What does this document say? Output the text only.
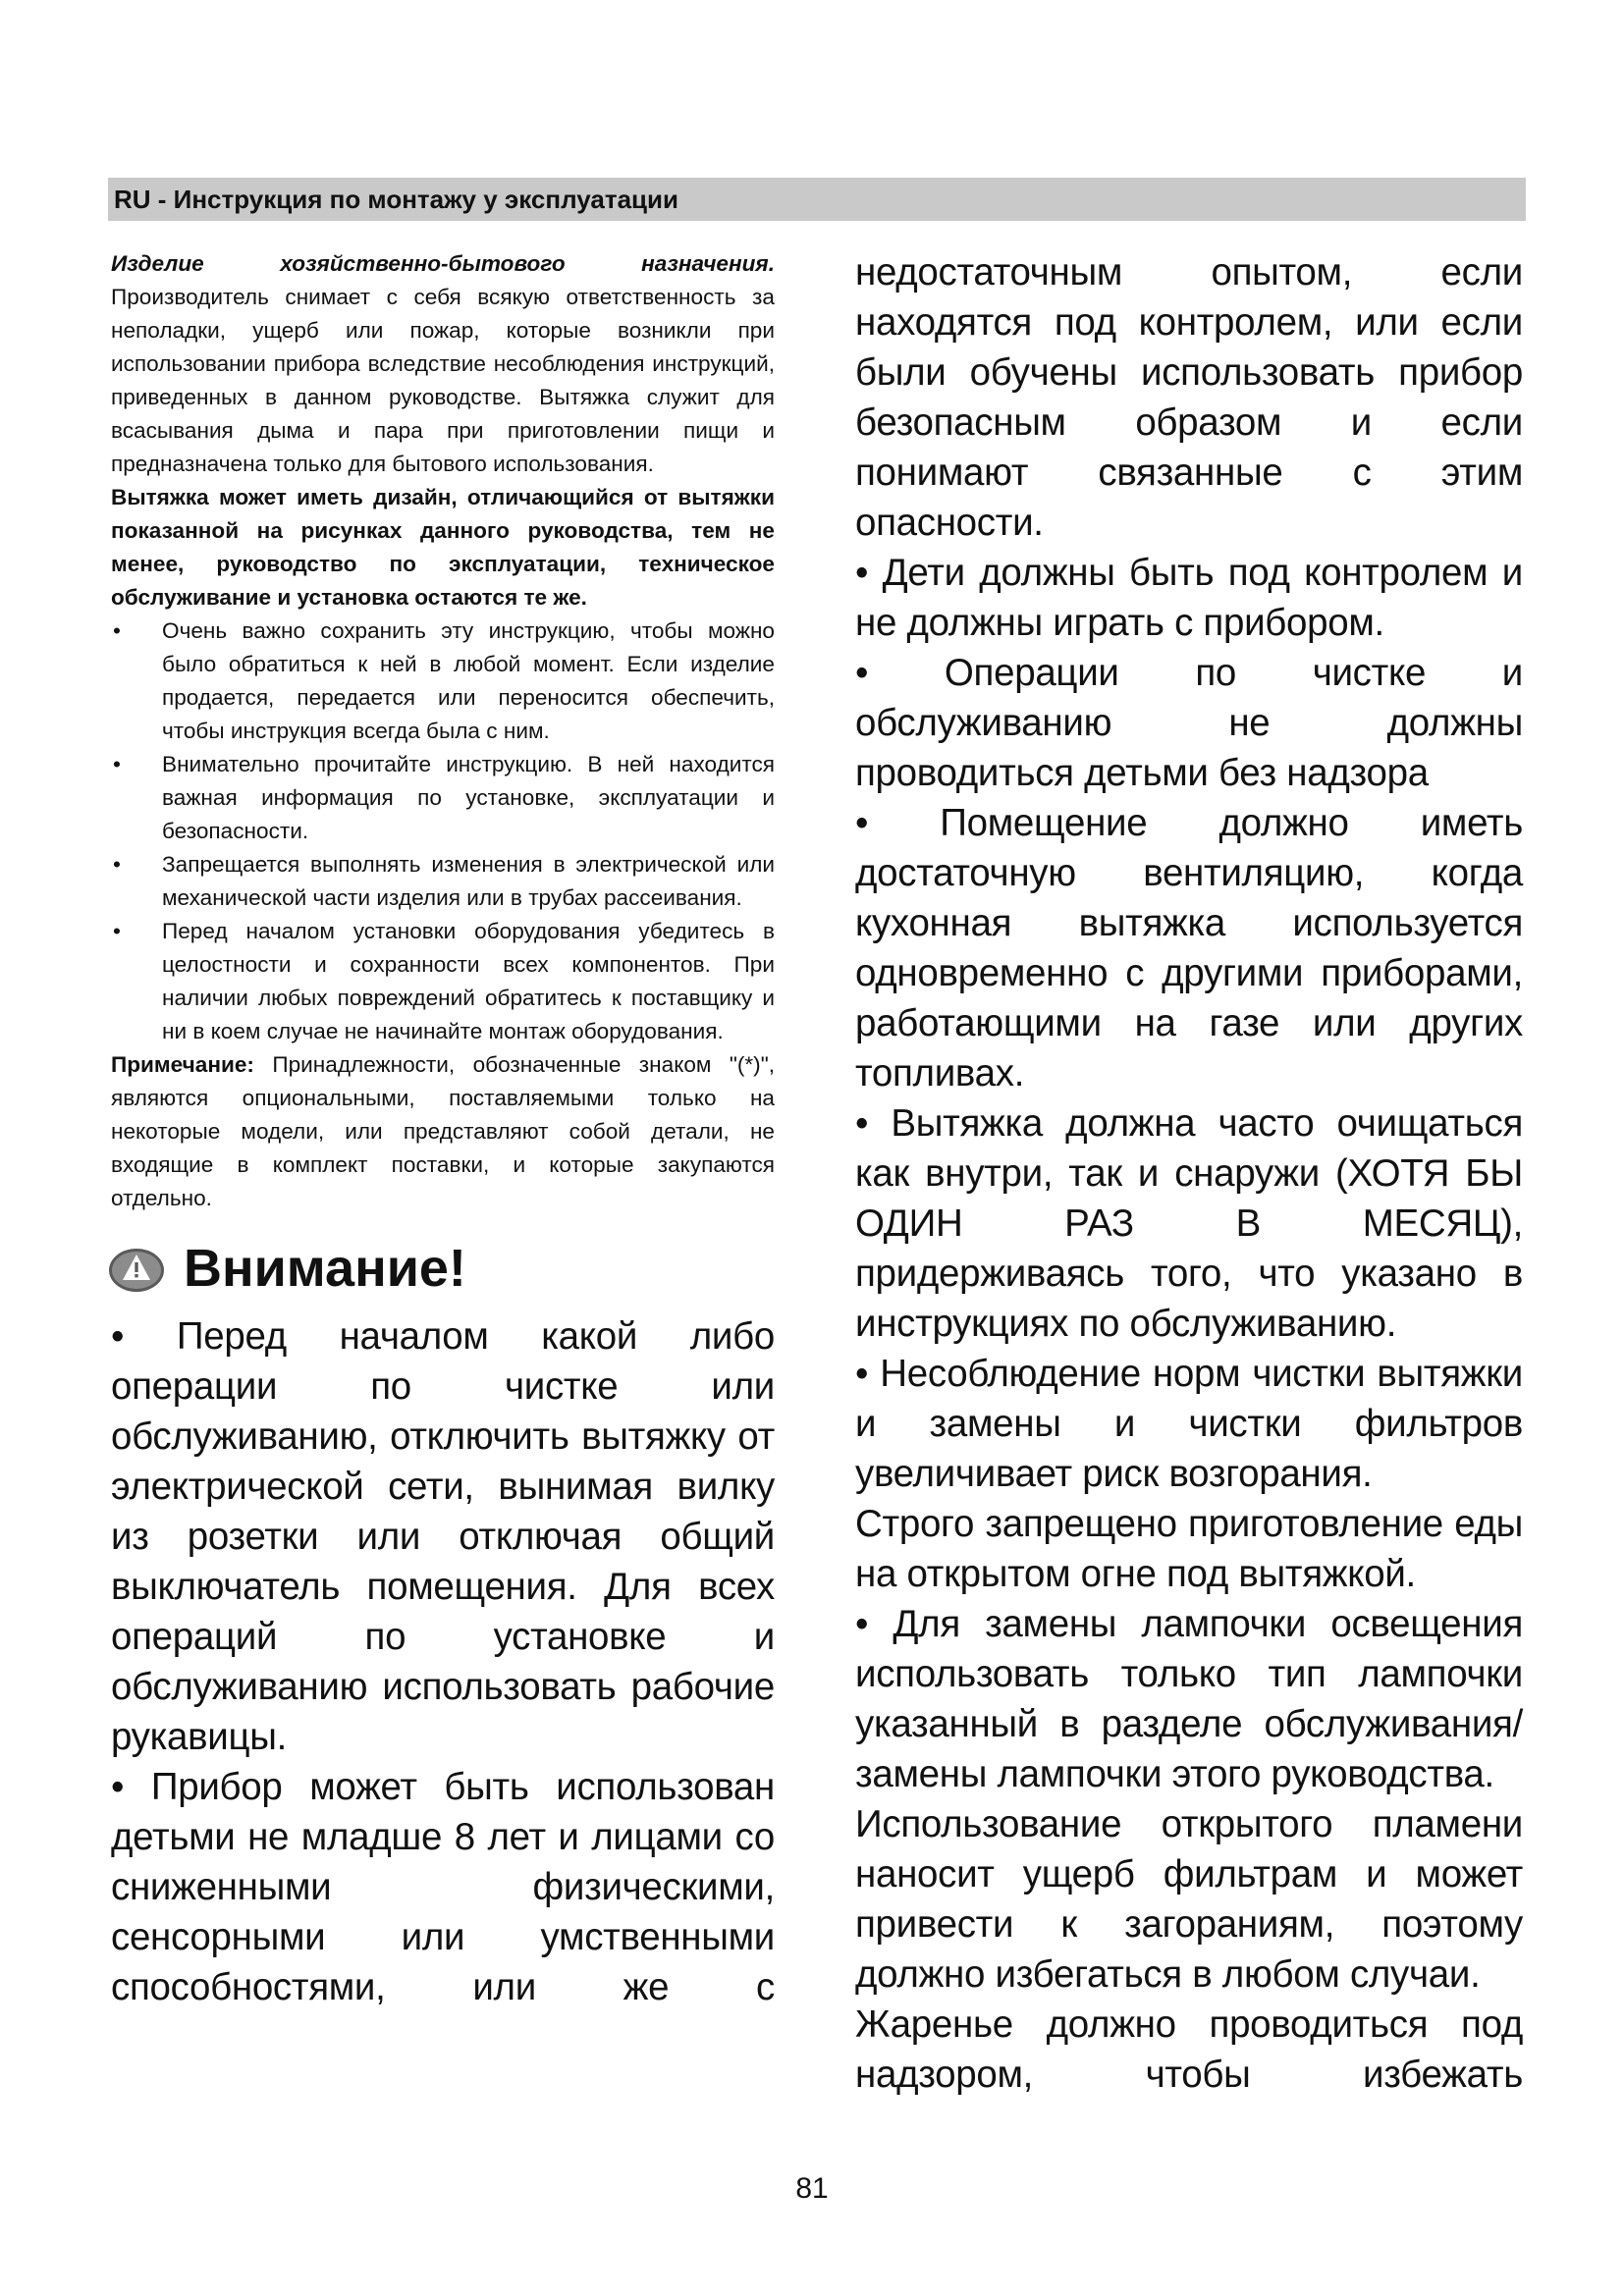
RU - Инструкция по монтажу у эксплуатации

Изделие хозяйственно-бытового назначения.

Производитель снимает с себя всякую ответственность за неполадки, ущерб или пожар, которые возникли при использовании прибора вследствие несоблюдения инструкций, приведенных в данном руководстве. Вытяжка служит для всасывания дыма и пара при приготовлении пищи и предназначена только для бытового использования.

Вытяжка может иметь дизайн, отличающийся от вытяжки показанной на рисунках данного руководства, тем не менее, руководство по эксплуатации, техническое обслуживание и установка остаются те же.

• Очень важно сохранить эту инструкцию, чтобы можно было обратиться к ней в любой момент. Если изделие продается, передается или переносится обеспечить, чтобы инструкция всегда была с ним.
• Внимательно прочитайте инструкцию. В ней находится важная информация по установке, эксплуатации и безопасности.
• Запрещается выполнять изменения в электрической или механической части изделия или в трубах рассеивания.
• Перед началом установки оборудования убедитесь в целостности и сохранности всех компонентов. При наличии любых повреждений обратитесь к поставщику и ни в коем случае не начинайте монтаж оборудования.

Примечание: Принадлежности, обозначенные знаком "(*)", являются опциональными, поставляемыми только на некоторые модели, или представляют собой детали, не входящие в комплект поставки, и которые закупаются отдельно.

Внимание!

• Перед началом какой либо операции по чистке или обслуживанию, отключить вытяжку от электрической сети, вынимая вилку из розетки или отключая общий выключатель помещения. Для всех операций по установке и обслуживанию использовать рабочие рукавицы.

• Прибор может быть использован детьми не младше 8 лет и лицами со сниженными физическими, сенсорными или умственными способностями, или же с

недостаточным опытом, если находятся под контролем, или если были обучены использовать прибор безопасным образом и если понимают связанные с этим опасности.

• Дети должны быть под контролем и не должны играть с прибором.

• Операции по чистке и обслуживанию не должны проводиться детьми без надзора

• Помещение должно иметь достаточную вентиляцию, когда кухонная вытяжка используется одновременно с другими приборами, работающими на газе или других топливах.

• Вытяжка должна часто очищаться как внутри, так и снаружи (ХОТЯ БЫ ОДИН РАЗ В МЕСЯЦ), придерживаясь того, что указано в инструкциях по обслуживанию.

• Несоблюдение норм чистки вытяжки и замены и чистки фильтров увеличивает риск возгорания.

Строго запрещено приготовление еды на открытом огне под вытяжкой.

• Для замены лампочки освещения использовать только тип лампочки указанный в разделе обслуживания/замены лампочки этого руководства.

Использование открытого пламени наносит ущерб фильтрам и может привести к загораниям, поэтому должно избегаться в любом случаи.

Жаренье должно проводиться под надзором, чтобы избежать

81
